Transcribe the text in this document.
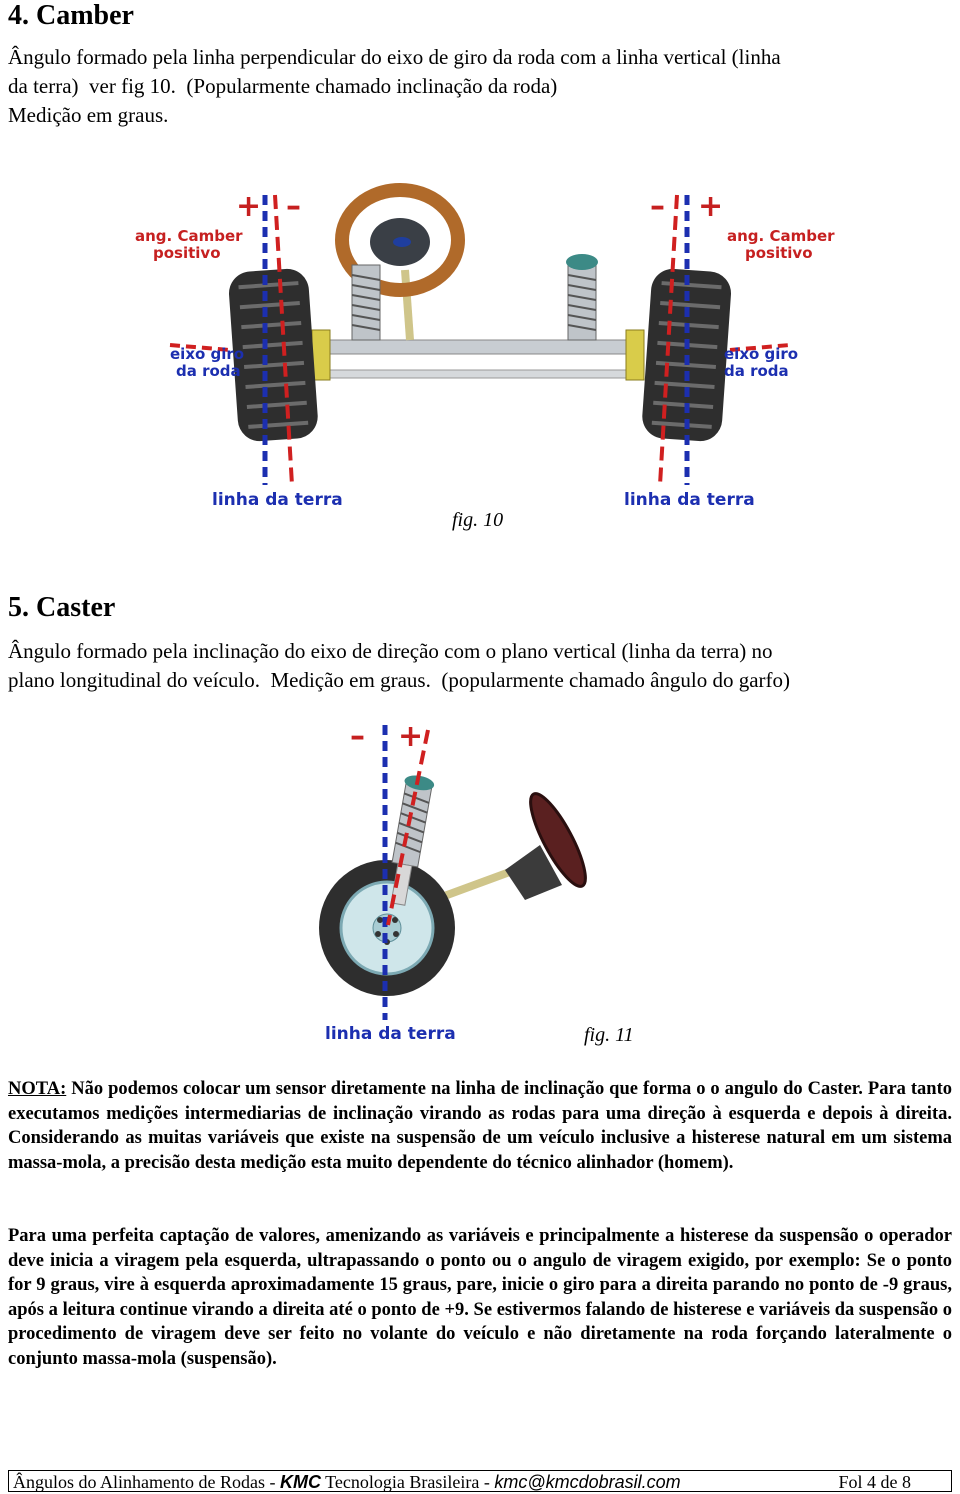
4. Camber
Ângulo formado pela linha perpendicular do eixo de giro da roda com a linha vertical (linha
da terra)  ver fig 10.  (Popularmente chamado inclinação da roda)
Medição em graus.
+ –	– +
ang. Camber
positivo
ang. Camber
positivo
eixo giro
da roda
eixo giro
da roda
linha da terra	linha da terra
fig. 10
5. Caster
Ângulo formado pela inclinação do eixo de direção com o plano vertical (linha da terra) no
plano longitudinal do veículo.  Medição em graus.  (popularmente chamado ângulo do garfo)
– +
linha da terra	fig. 11
NOTA: Não podemos colocar um sensor diretamente na linha de inclinação que forma o o angulo do Caster. Para tanto executamos medições intermediarias de inclinação virando as rodas para uma direção à esquerda e depois à direita. Considerando as muitas variáveis que existe na suspensão de um veículo inclusive a histerese natural em um sistema massa-mola, a precisão desta medição esta muito dependente do técnico alinhador (homem).
Para uma perfeita captação de valores, amenizando as variáveis e principalmente a histerese da suspensão o operador deve inicia a viragem pela esquerda, ultrapassando o ponto ou o angulo de viragem exigido, por exemplo: Se o ponto for 9 graus, vire à esquerda aproximadamente 15 graus, pare, inicie o giro para a direita parando no ponto de -9 graus, após a leitura continue virando a direita até o ponto de +9. Se estivermos falando de histerese e variáveis da suspensão o procedimento de viragem deve ser feito no volante do veículo e não diretamente na roda forçando lateralmente o conjunto massa-mola (suspensão).
Ângulos do Alinhamento de Rodas - KMC Tecnologia Brasileira - kmc@kmcdobrasil.com	Fol 4 de 8
